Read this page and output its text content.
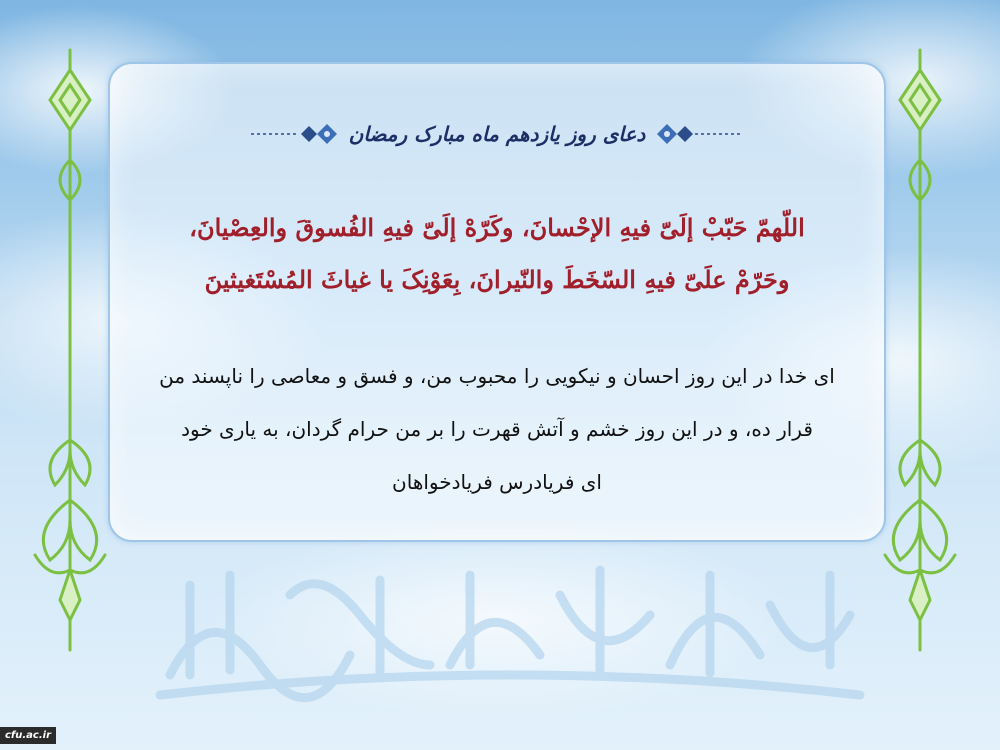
دعای روز یازدهم ماه مبارک رمضان

اللّهمّ حَبّبْ إلَیّ فیهِ الإحْسانَ، وکَرّهْ إلَیّ فیهِ الفُسوقَ والعِصْیانَ،

وحَرّمْ علَیّ فیهِ السّخَطَ والنّیرانَ، بِعَوْنِکَ یا غیاثَ المُسْتَغیثینَ

ای خدا در این روز احسان و نیکویی را محبوب من، و فسق و معاصی را ناپسند من

قرار ده، و در این روز خشم و آتش قهرت را بر من حرام گردان، به یاری خود

ای فریادرس فریادخواهان

cfu.ac.ir
